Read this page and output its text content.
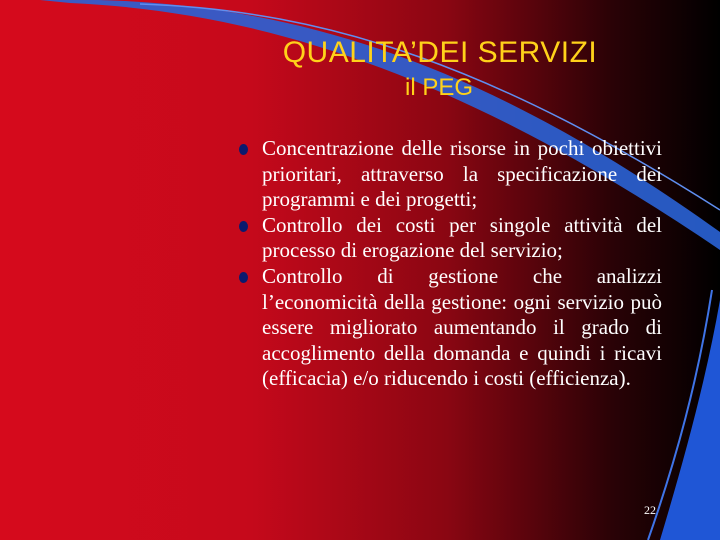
QUALITA’DEI SERVIZI
il PEG
Concentrazione delle risorse in pochi obiettivi prioritari, attraverso la specificazione dei programmi e dei progetti;
Controllo dei costi per singole attività del processo di erogazione del servizio;
Controllo di gestione che analizzi l’economicità della gestione: ogni servizio può essere migliorato aumentando il grado di accoglimento della domanda e quindi i ricavi (efficacia) e/o riducendo i costi (efficienza).
22
